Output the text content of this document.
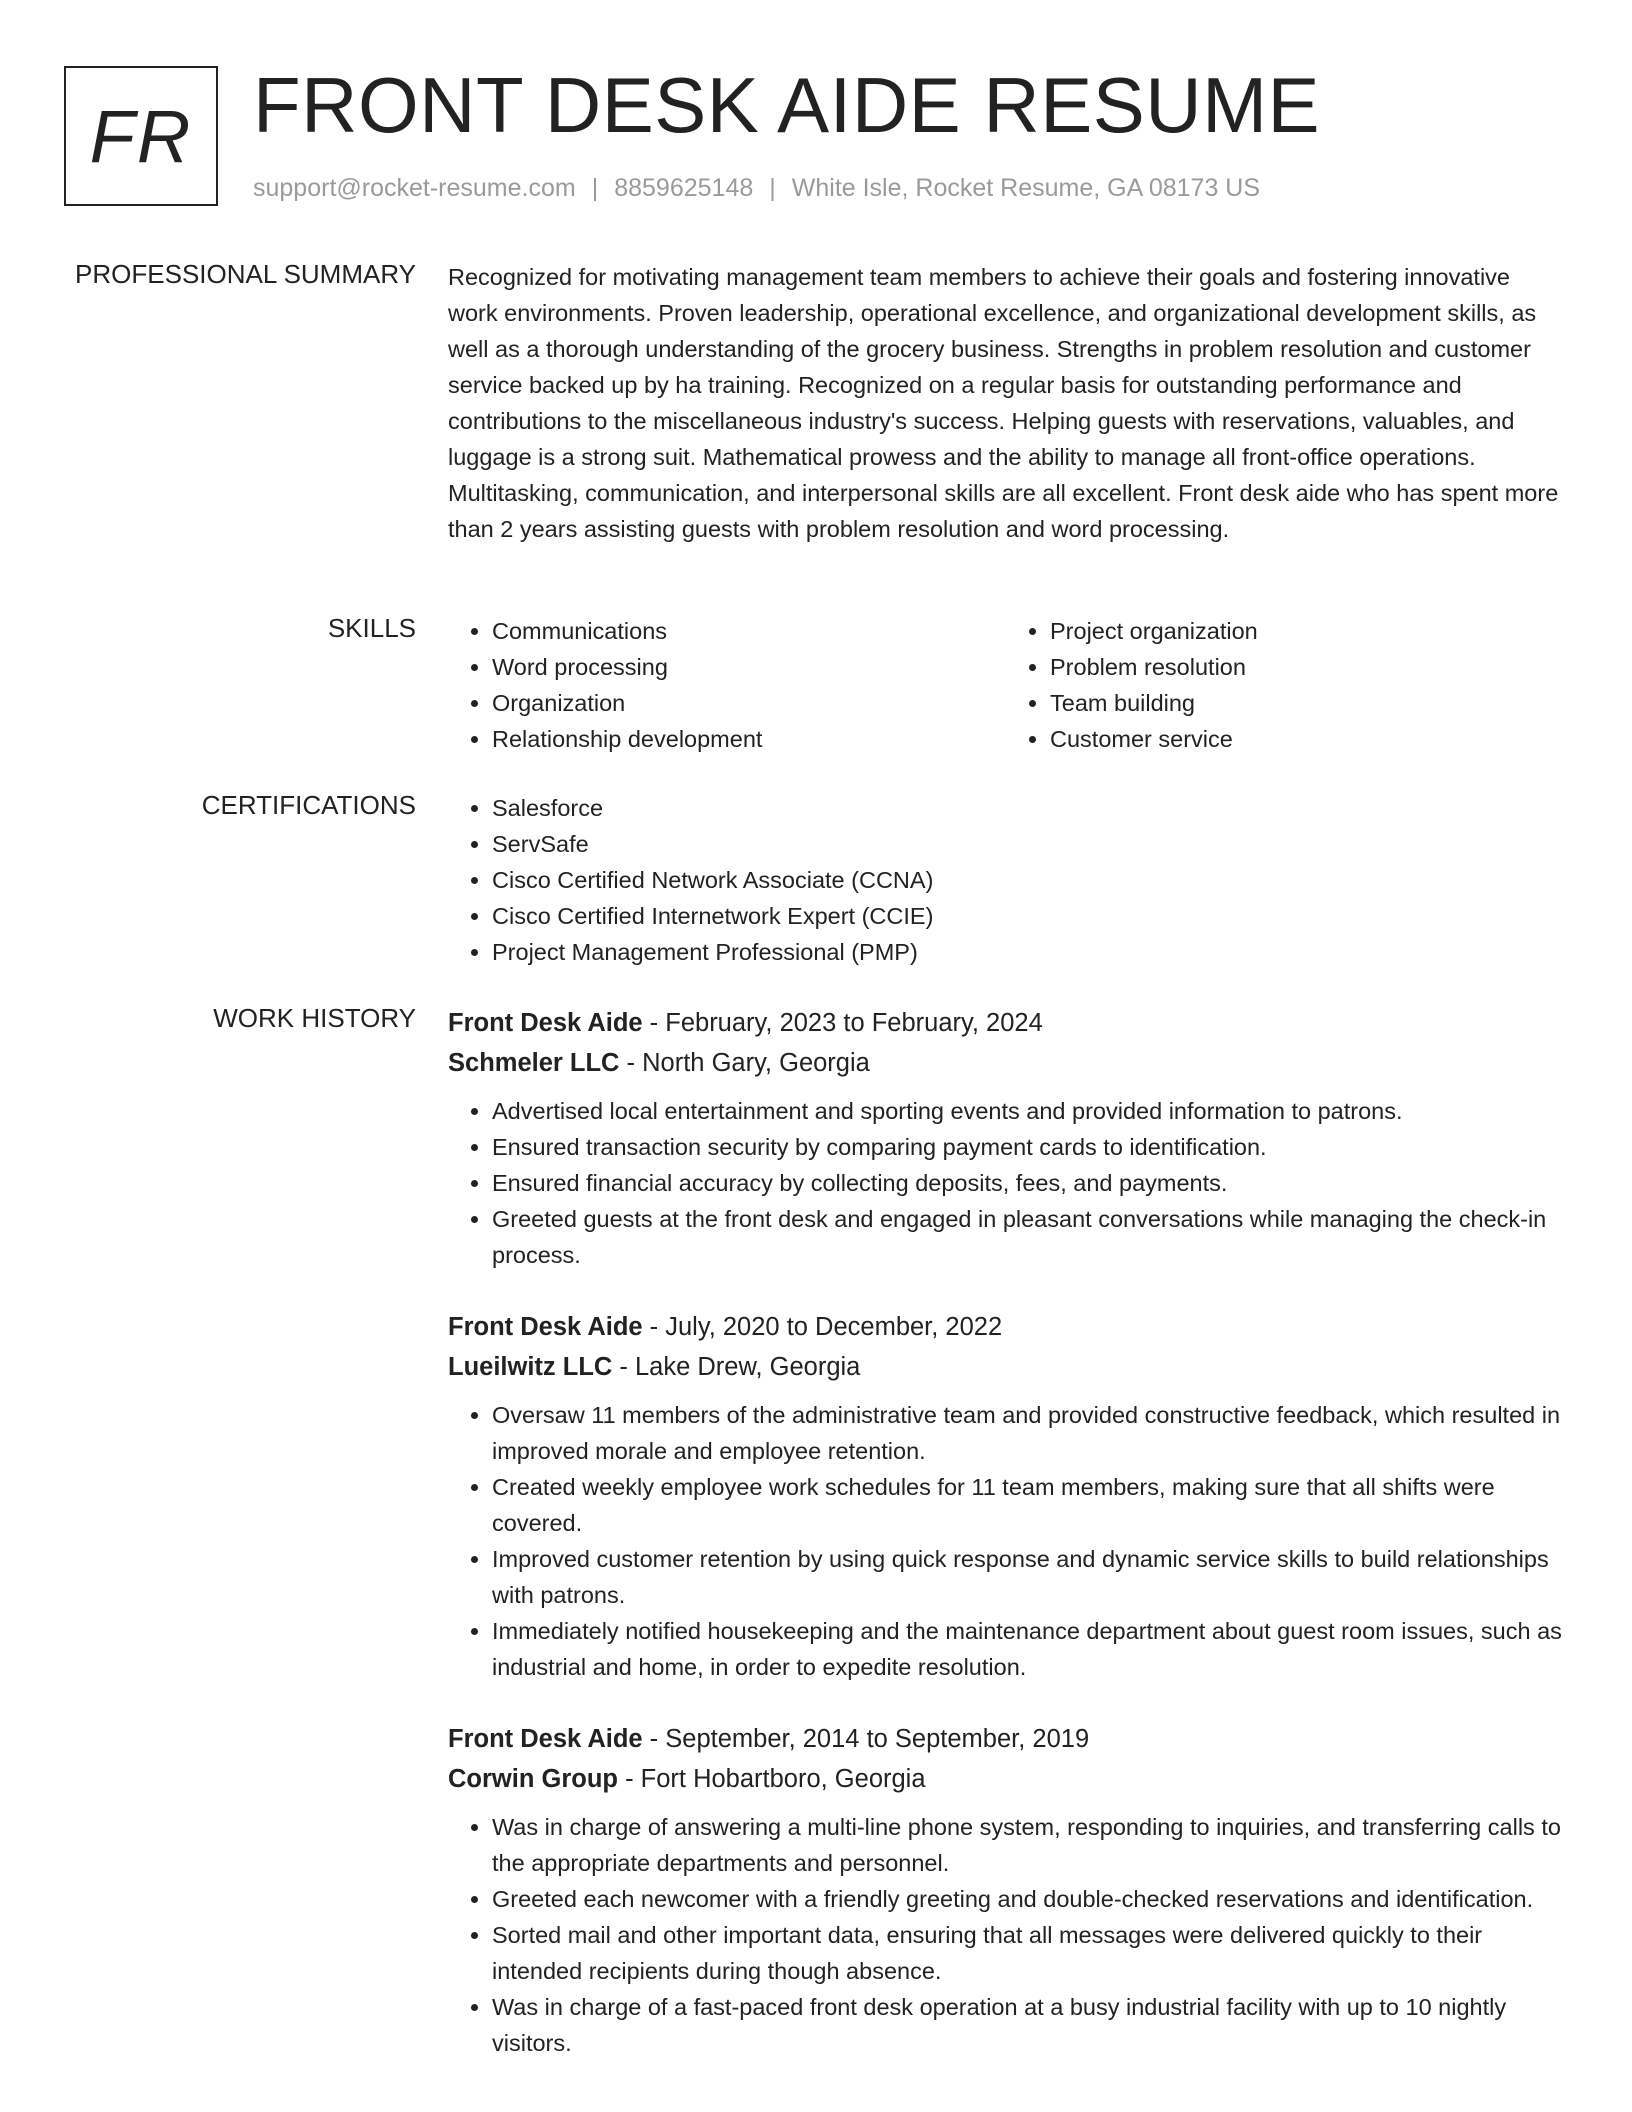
FR FRONT DESK AIDE RESUME
support@rocket-resume.com | 8859625148 | White Isle, Rocket Resume, GA 08173 US
PROFESSIONAL SUMMARY Recognized for motivating management team members to achieve their goals and fostering innovative work environments. Proven leadership, operational excellence, and organizational development skills, as well as a thorough understanding of the grocery business. Strengths in problem resolution and customer service backed up by ha training. Recognized on a regular basis for outstanding performance and contributions to the miscellaneous industry's success. Helping guests with reservations, valuables, and luggage is a strong suit. Mathematical prowess and the ability to manage all front-office operations. Multitasking, communication, and interpersonal skills are all excellent. Front desk aide who has spent more than 2 years assisting guests with problem resolution and word processing.

SKILLS	• Communications
• Word processing
• Organization
• Relationship development
• Project organization
• Problem resolution
• Team building
• Customer service
CERTIFICATIONS	• Salesforce
• ServSafe
• Cisco Certified Network Associate (CCNA)
• Cisco Certified Internetwork Expert (CCIE)
• Project Management Professional (PMP)
WORK HISTORY Front Desk Aide - February, 2023 to February, 2024
Schmeler LLC - North Gary, Georgia
• Advertised local entertainment and sporting events and provided information to patrons.
• Ensured transaction security by comparing payment cards to identification.
• Ensured financial accuracy by collecting deposits, fees, and payments.
• Greeted guests at the front desk and engaged in pleasant conversations while managing the check-in process.
Front Desk Aide - July, 2020 to December, 2022
Lueilwitz LLC - Lake Drew, Georgia
• Oversaw 11 members of the administrative team and provided constructive feedback, which resulted in improved morale and employee retention.
• Created weekly employee work schedules for 11 team members, making sure that all shifts were covered.
• Improved customer retention by using quick response and dynamic service skills to build relationships with patrons.
• Immediately notified housekeeping and the maintenance department about guest room issues, such as industrial and home, in order to expedite resolution.
Front Desk Aide - September, 2014 to September, 2019
Corwin Group - Fort Hobartboro, Georgia
• Was in charge of answering a multi-line phone system, responding to inquiries, and transferring calls to the appropriate departments and personnel.
• Greeted each newcomer with a friendly greeting and double-checked reservations and identification.
• Sorted mail and other important data, ensuring that all messages were delivered quickly to their intended recipients during though absence.
• Was in charge of a fast-paced front desk operation at a busy industrial facility with up to 10 nightly visitors.
